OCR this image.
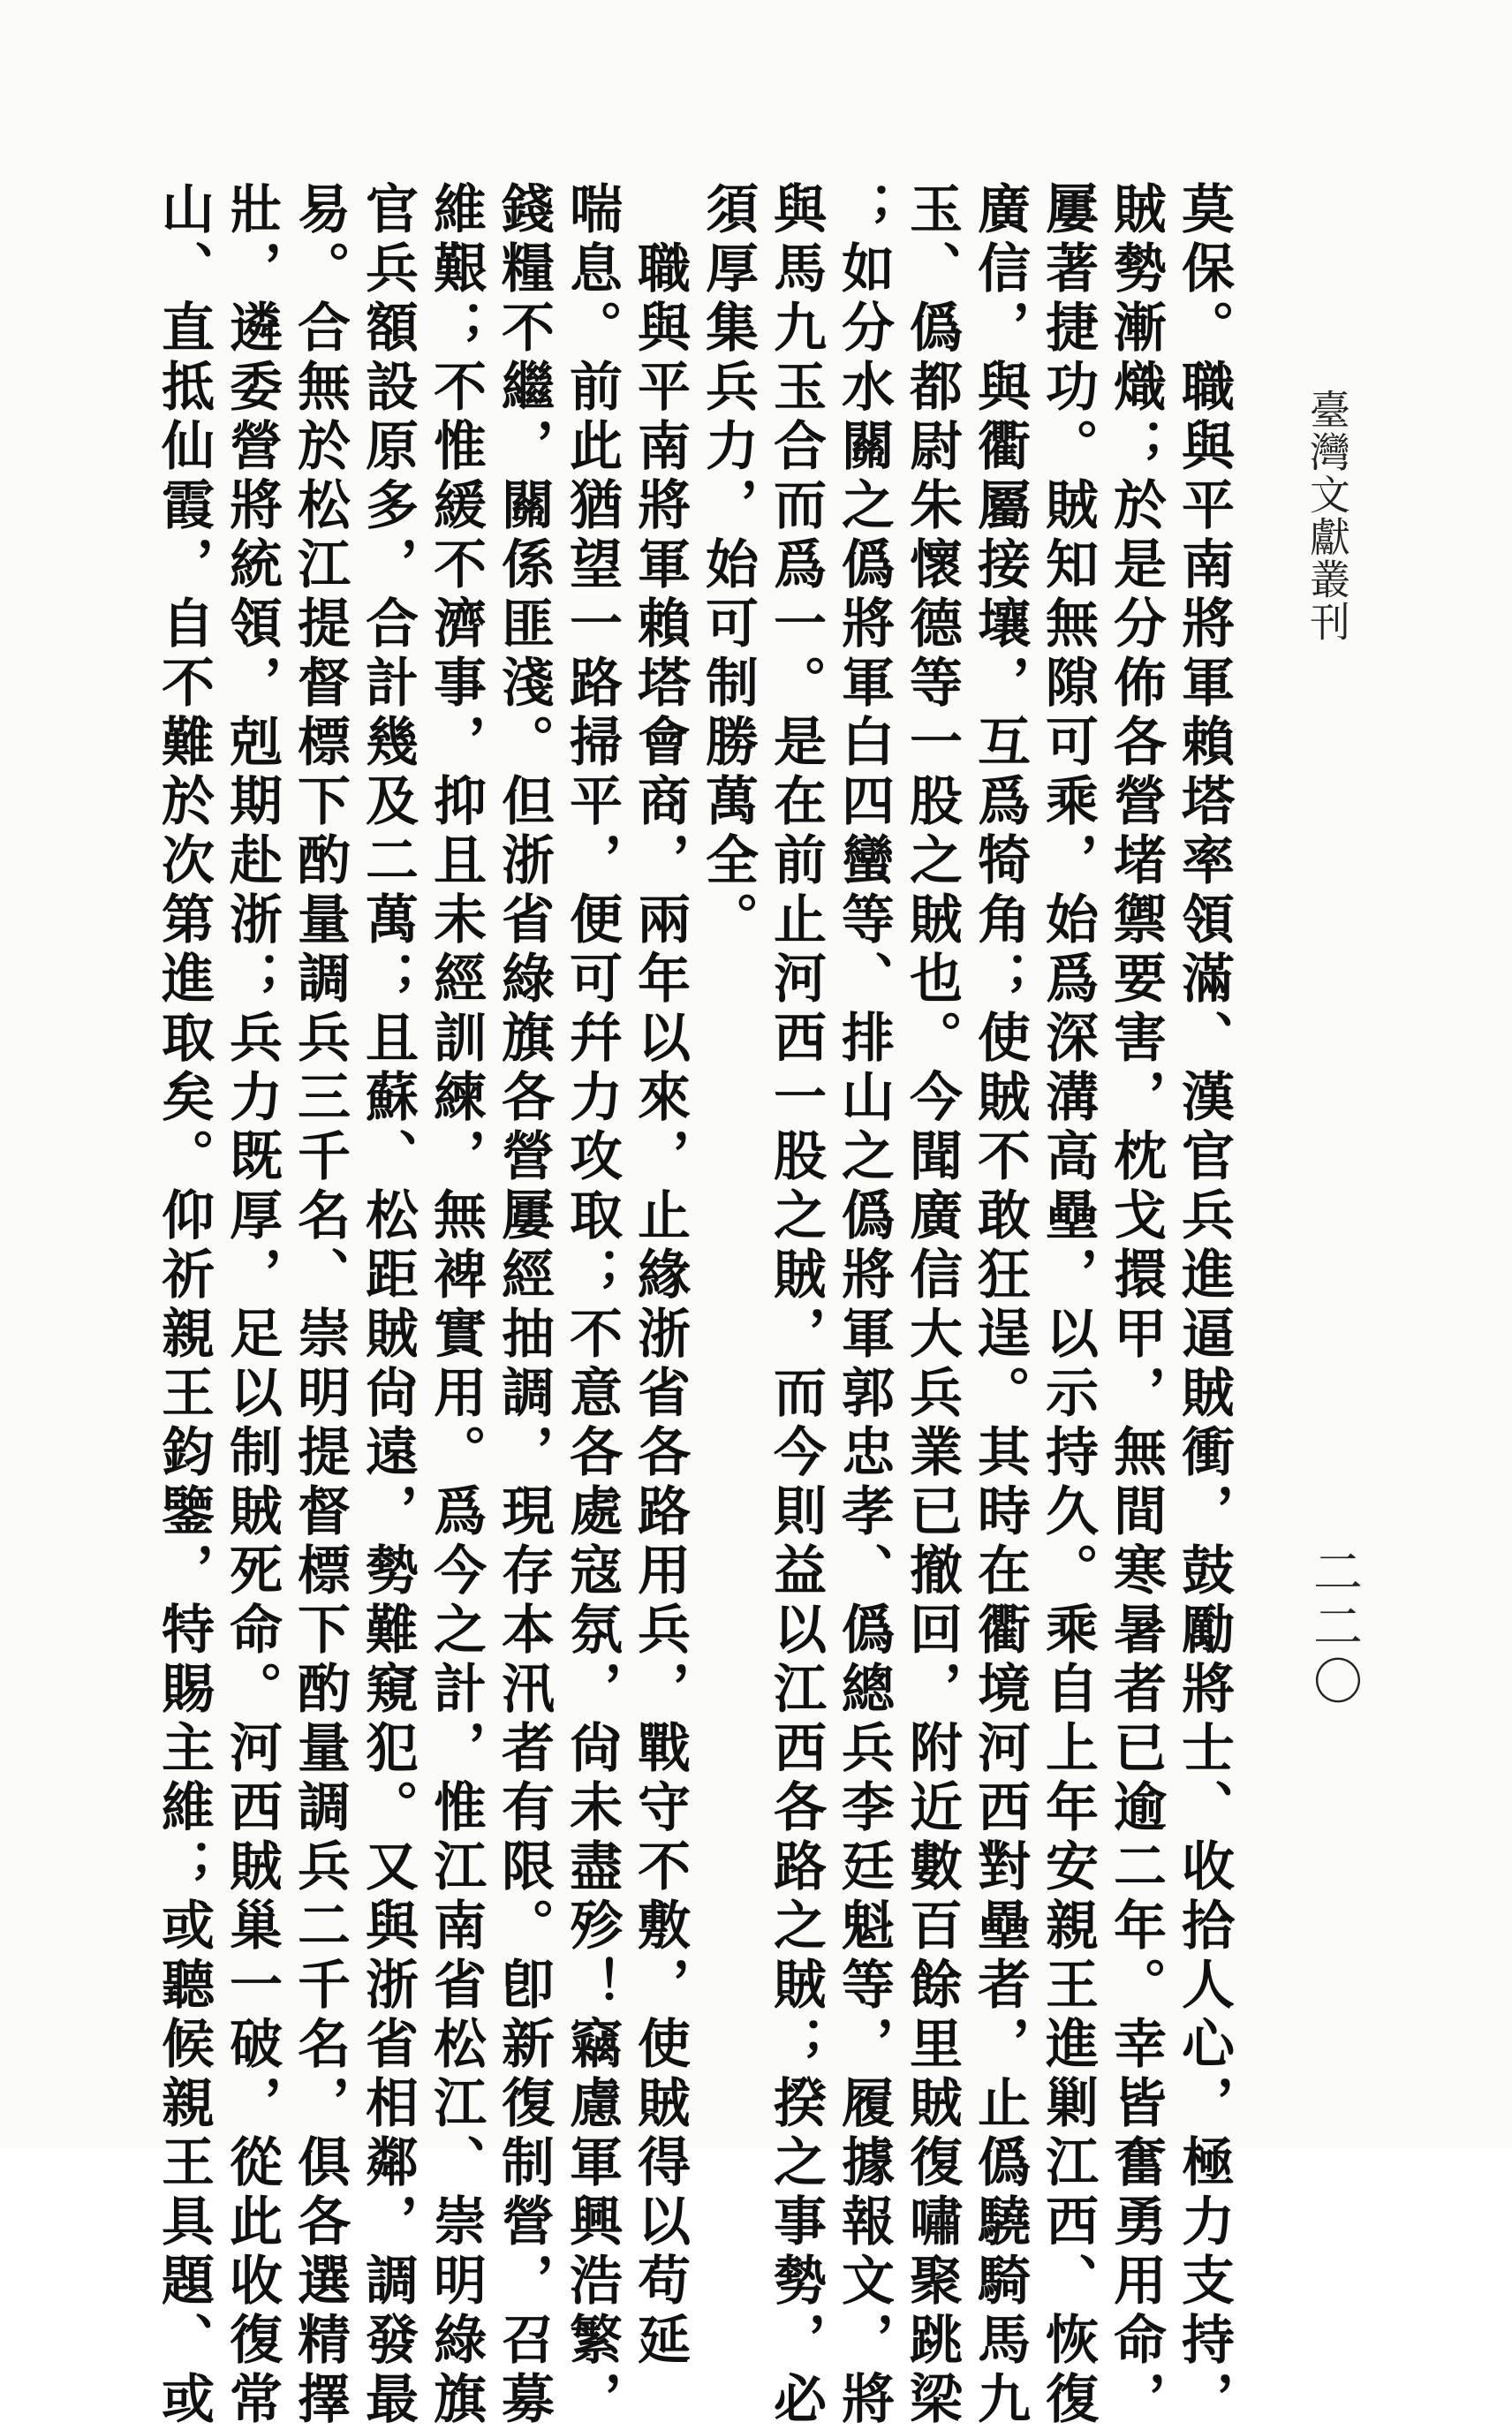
臺灣文獻叢刊
二二〇
莫保。職與平南將軍賴塔率領滿、漢官兵進逼賊衝，鼓勵將士、收拾人心，極力支持，
賊勢漸熾；於是分佈各營堵禦要害，枕戈擐甲，無間寒暑者已逾二年。幸皆奮勇用命，
屢著捷功。賊知無隙可乘，始爲深溝高壘，以示持久。乘自上年安親王進剿江西、恢復
廣信，與衢屬接壤，互爲犄角；使賊不敢狂逞。其時在衢境河西對壘者，止僞驍騎馬九
玉、僞都尉朱懷德等一股之賊也。今聞廣信大兵業已撤回，附近數百餘里賊復嘯聚跳梁
；如分水關之僞將軍白四蠻等、排山之僞將軍郭忠孝、僞總兵李廷魁等，履據報文，將
與馬九玉合而爲一。是在前止河西一股之賊，而今則益以江西各路之賊；揆之事勢，必
須厚集兵力，始可制勝萬全。
　職與平南將軍賴塔會商，兩年以來，止緣浙省各路用兵，戰守不敷，使賊得以苟延
喘息。前此猶望一路掃平，便可幷力攻取；不意各處寇氛，尙未盡殄！竊慮軍興浩繁，
錢糧不繼，關係匪淺。但浙省綠旗各營屢經抽調，現存本汛者有限。卽新復制營，召募
維艱；不惟緩不濟事，抑且未經訓練，無裨實用。爲今之計，惟江南省松江、崇明綠旗
官兵額設原多，合計幾及二萬；且蘇、松距賊尙遠，勢難窺犯。又與浙省相鄰，調發最
易。合無於松江提督標下酌量調兵三千名、崇明提督標下酌量調兵二千名，俱各選精擇
壯，遴委營將統領，剋期赴浙；兵力既厚，足以制賊死命。河西賊巢一破，從此收復常
山、直抵仙霞，自不難於次第進取矣。仰祈親王鈞鑒，特賜主維；或聽候親王具題、或
